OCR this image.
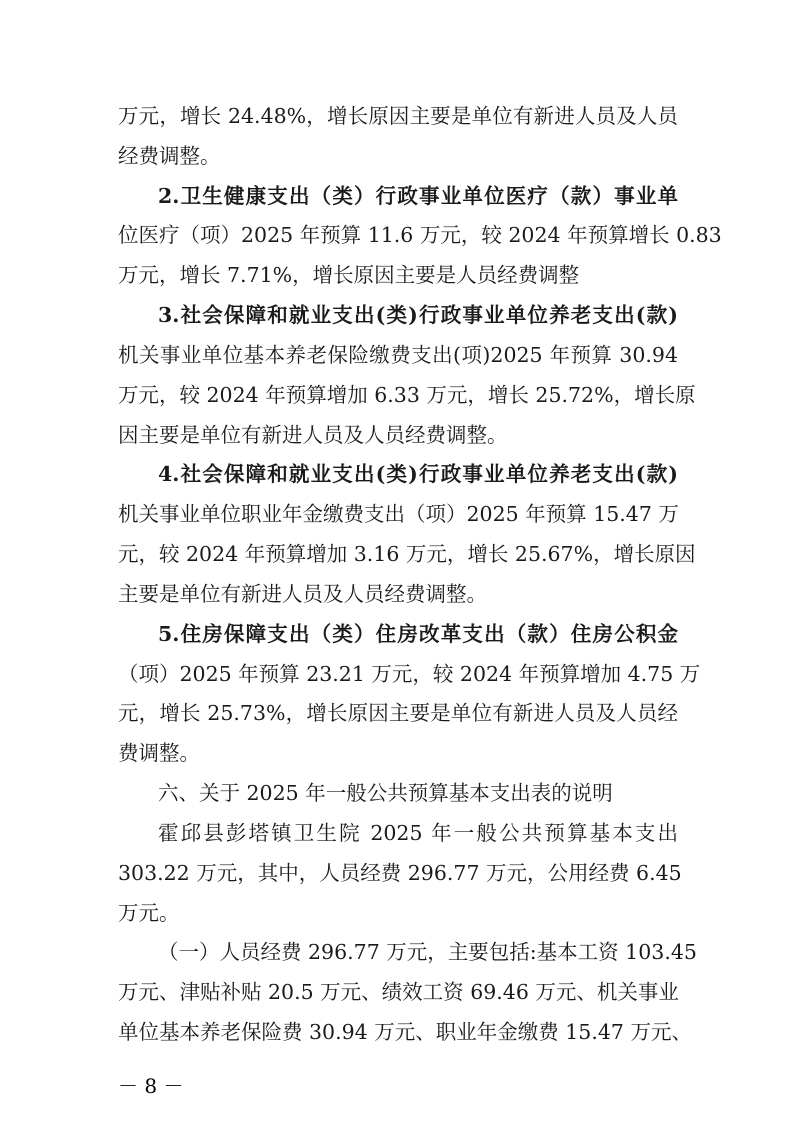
万元，增长 24.48%，增长原因主要是单位有新进人员及人员
经费调整。
2.卫生健康支出（类）行政事业单位医疗（款）事业单
位医疗（项）2025 年预算 11.6 万元，较 2024 年预算增长 0.83
万元，增长 7.71%，增长原因主要是人员经费调整
3.社会保障和就业支出(类)行政事业单位养老支出(款)
机关事业单位基本养老保险缴费支出(项)2025 年预算 30.94
万元，较 2024 年预算增加 6.33 万元，增长 25.72%，增长原
因主要是单位有新进人员及人员经费调整。
4.社会保障和就业支出(类)行政事业单位养老支出(款)
机关事业单位职业年金缴费支出（项）2025 年预算 15.47 万
元，较 2024 年预算增加 3.16 万元，增长 25.67%，增长原因
主要是单位有新进人员及人员经费调整。
5.住房保障支出（类）住房改革支出（款）住房公积金
（项）2025 年预算 23.21 万元，较 2024 年预算增加 4.75 万
元，增长 25.73%，增长原因主要是单位有新进人员及人员经
费调整。
六、关于 2025 年一般公共预算基本支出表的说明
霍邱县彭塔镇卫生院 2025 年一般公共预算基本支出
303.22 万元，其中，人员经费 296.77 万元，公用经费 6.45
万元。
（一）人员经费 296.77 万元，主要包括:基本工资 103.45
万元、津贴补贴 20.5 万元、绩效工资 69.46 万元、机关事业
单位基本养老保险费 30.94 万元、职业年金缴费 15.47 万元、
－ 8 －
